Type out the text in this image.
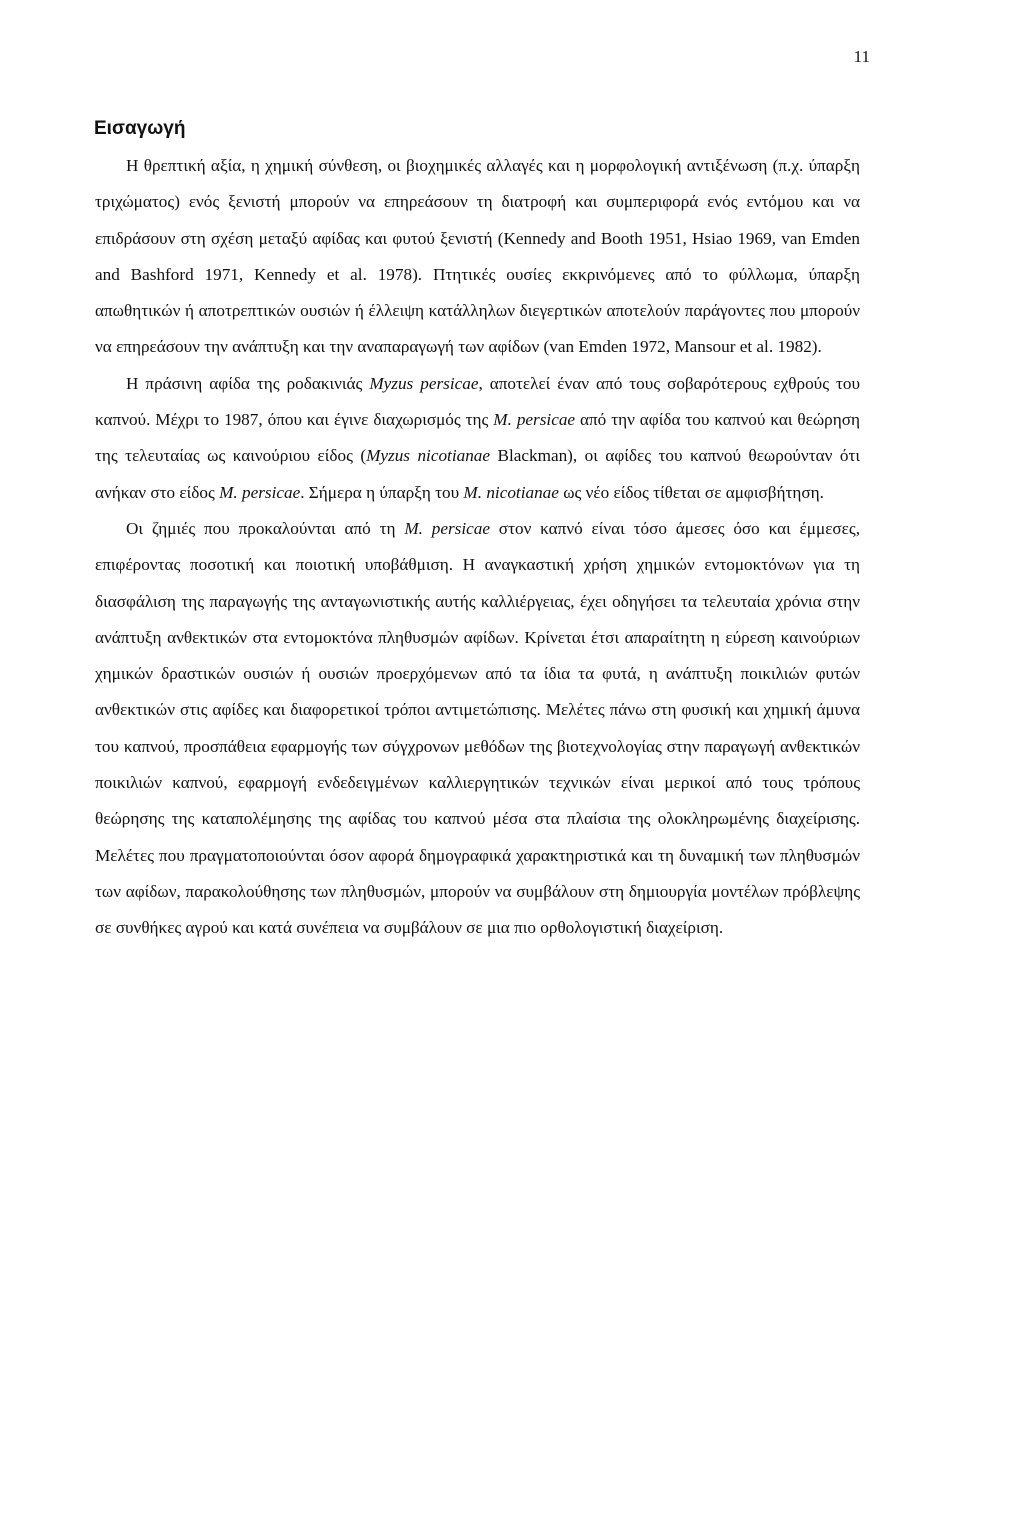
11
Εισαγωγή

Η θρεπτική αξία, η χημική σύνθεση, οι βιοχημικές αλλαγές και η μορφολογική αντιξένωση (π.χ. ύπαρξη τριχώματος) ενός ξενιστή μπορούν να επηρεάσουν τη διατροφή και συμπεριφορά ενός εντόμου και να επιδράσουν στη σχέση μεταξύ αφίδας και φυτού ξενιστή (Kennedy and Booth 1951, Hsiao 1969, van Emden and Bashford 1971, Kennedy et al. 1978). Πτητικές ουσίες εκκρινόμενες από το φύλλωμα, ύπαρξη απωθητικών ή αποτρεπτικών ουσιών ή έλλειψη κατάλληλων διεγερτικών αποτελούν παράγοντες που μπορούν να επηρεάσουν την ανάπτυξη και την αναπαραγωγή των αφίδων (van Emden 1972, Mansour et al. 1982).

Η πράσινη αφίδα της ροδακινιάς Myzus persicae, αποτελεί έναν από τους σοβαρότερους εχθρούς του καπνού. Μέχρι το 1987, όπου και έγινε διαχωρισμός της M. persicae από την αφίδα του καπνού και θεώρηση της τελευταίας ως καινούριου είδος (Myzus nicotianae Blackman), οι αφίδες του καπνού θεωρούνταν ότι ανήκαν στο είδος M. persicae. Σήμερα η ύπαρξη του M. nicotianae ως νέο είδος τίθεται σε αμφισβήτηση.

Οι ζημιές που προκαλούνται από τη M. persicae στον καπνό είναι τόσο άμεσες όσο και έμμεσες, επιφέροντας ποσοτική και ποιοτική υποβάθμιση. Η αναγκαστική χρήση χημικών εντομοκτόνων για τη διασφάλιση της παραγωγής της ανταγωνιστικής αυτής καλλιέργειας, έχει οδηγήσει τα τελευταία χρόνια στην ανάπτυξη ανθεκτικών στα εντομοκτόνα πληθυσμών αφίδων. Κρίνεται έτσι απαραίτητη η εύρεση καινούριων χημικών δραστικών ουσιών ή ουσιών προερχόμενων από τα ίδια τα φυτά, η ανάπτυξη ποικιλιών φυτών ανθεκτικών στις αφίδες και διαφορετικοί τρόποι αντιμετώπισης. Μελέτες πάνω στη φυσική και χημική άμυνα του καπνού, προσπάθεια εφαρμογής των σύγχρονων μεθόδων της βιοτεχνολογίας στην παραγωγή ανθεκτικών ποικιλιών καπνού, εφαρμογή ενδεδειγμένων καλλιεργητικών τεχνικών είναι μερικοί από τους τρόπους θεώρησης της καταπολέμησης της αφίδας του καπνού μέσα στα πλαίσια της ολοκληρωμένης διαχείρισης. Μελέτες που πραγματοποιούνται όσον αφορά δημογραφικά χαρακτηριστικά και τη δυναμική των πληθυσμών των αφίδων, παρακολούθησης των πληθυσμών, μπορούν να συμβάλουν στη δημιουργία μοντέλων πρόβλεψης σε συνθήκες αγρού και κατά συνέπεια να συμβάλουν σε μια πιο ορθολογιστική διαχείριση.
